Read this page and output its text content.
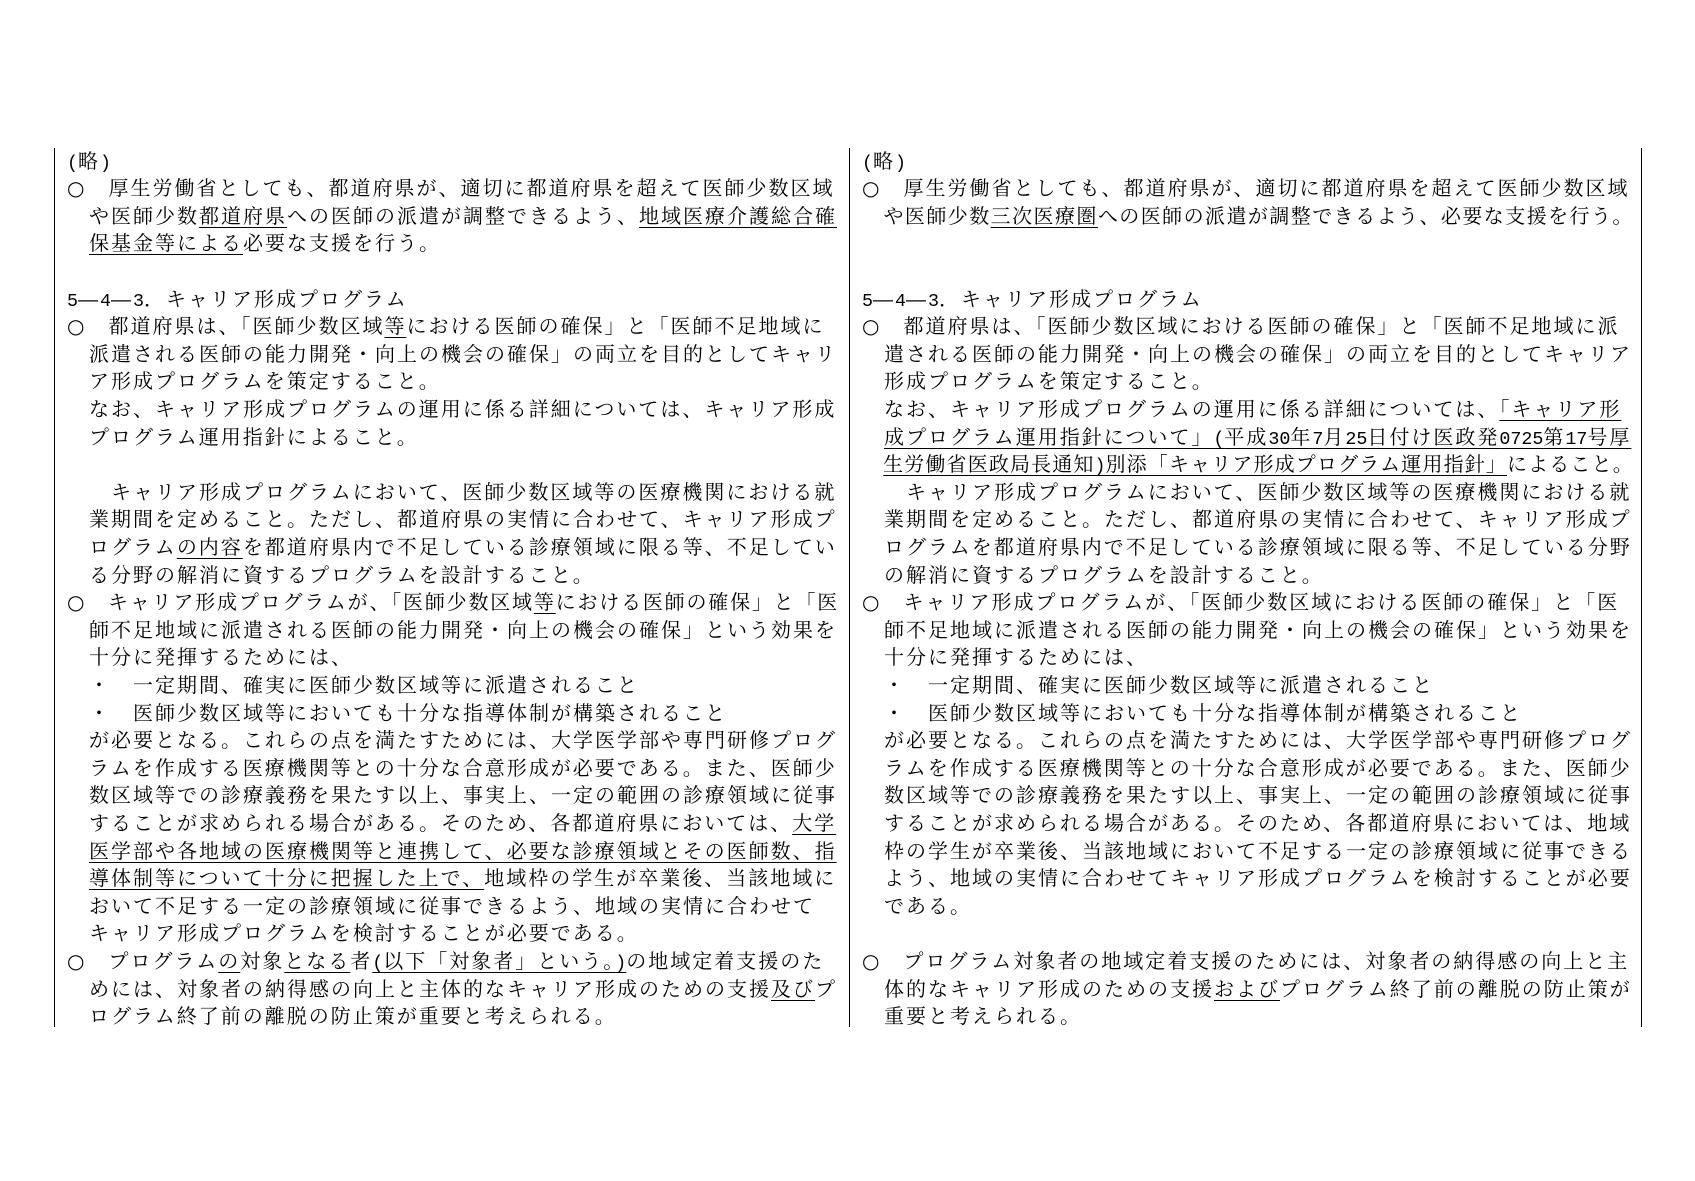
(略)
○　厚生労働省としても、都道府県が、適切に都道府県を超えて医師少数区域
　や医師少数都道府県への医師の派遣が調整できるよう、地域医療介護総合確
　保基金等による必要な支援を行う。
5―4―3．キャリア形成プログラム
○　都道府県は、「医師少数区域等における医師の確保」と「医師不足地域に
　派遣される医師の能力開発・向上の機会の確保」の両立を目的としてキャリ
　ア形成プログラムを策定すること。
　なお、キャリア形成プログラムの運用に係る詳細については、キャリア形成
　プログラム運用指針によること。
　　キャリア形成プログラムにおいて、医師少数区域等の医療機関における就
　業期間を定めること。ただし、都道府県の実情に合わせて、キャリア形成プ
　ログラムの内容を都道府県内で不足している診療領域に限る等、不足してい
　る分野の解消に資するプログラムを設計すること。
○　キャリア形成プログラムが、「医師少数区域等における医師の確保」と「医
　師不足地域に派遣される医師の能力開発・向上の機会の確保」という効果を
　十分に発揮するためには、
　・　一定期間、確実に医師少数区域等に派遣されること
　・　医師少数区域等においても十分な指導体制が構築されること
　が必要となる。これらの点を満たすためには、大学医学部や専門研修プログ
　ラムを作成する医療機関等との十分な合意形成が必要である。また、医師少
　数区域等での診療義務を果たす以上、事実上、一定の範囲の診療領域に従事
　することが求められる場合がある。そのため、各都道府県においては、大学
　医学部や各地域の医療機関等と連携して、必要な診療領域とその医師数、指
　導体制等について十分に把握した上で、地域枠の学生が卒業後、当該地域に
　おいて不足する一定の診療領域に従事できるよう、地域の実情に合わせて
　キャリア形成プログラムを検討することが必要である。
○　プログラムの対象となる者(以下「対象者」という。)の地域定着支援のた
　めには、対象者の納得感の向上と主体的なキャリア形成のための支援及びプ
　ログラム終了前の離脱の防止策が重要と考えられる。
(略)
○　厚生労働省としても、都道府県が、適切に都道府県を超えて医師少数区域
　や医師少数三次医療圏への医師の派遣が調整できるよう、必要な支援を行う。
5―4―3．キャリア形成プログラム
○　都道府県は、「医師少数区域における医師の確保」と「医師不足地域に派
　遣される医師の能力開発・向上の機会の確保」の両立を目的としてキャリア
　形成プログラムを策定すること。
　なお、キャリア形成プログラムの運用に係る詳細については、「キャリア形
　成プログラム運用指針について」(平成30年7月25日付け医政発0725第17号厚
　生労働省医政局長通知)別添「キャリア形成プログラム運用指針」によること。
　　キャリア形成プログラムにおいて、医師少数区域等の医療機関における就
　業期間を定めること。ただし、都道府県の実情に合わせて、キャリア形成プ
　ログラムを都道府県内で不足している診療領域に限る等、不足している分野
　の解消に資するプログラムを設計すること。
○　キャリア形成プログラムが、「医師少数区域における医師の確保」と「医
　師不足地域に派遣される医師の能力開発・向上の機会の確保」という効果を
　十分に発揮するためには、
　・　一定期間、確実に医師少数区域等に派遣されること
　・　医師少数区域等においても十分な指導体制が構築されること
　が必要となる。これらの点を満たすためには、大学医学部や専門研修プログ
　ラムを作成する医療機関等との十分な合意形成が必要である。また、医師少
　数区域等での診療義務を果たす以上、事実上、一定の範囲の診療領域に従事
　することが求められる場合がある。そのため、各都道府県においては、地域
　枠の学生が卒業後、当該地域において不足する一定の診療領域に従事できる
　よう、地域の実情に合わせてキャリア形成プログラムを検討することが必要
　である。
○　プログラム対象者の地域定着支援のためには、対象者の納得感の向上と主
　体的なキャリア形成のための支援およびプログラム終了前の離脱の防止策が
　重要と考えられる。
